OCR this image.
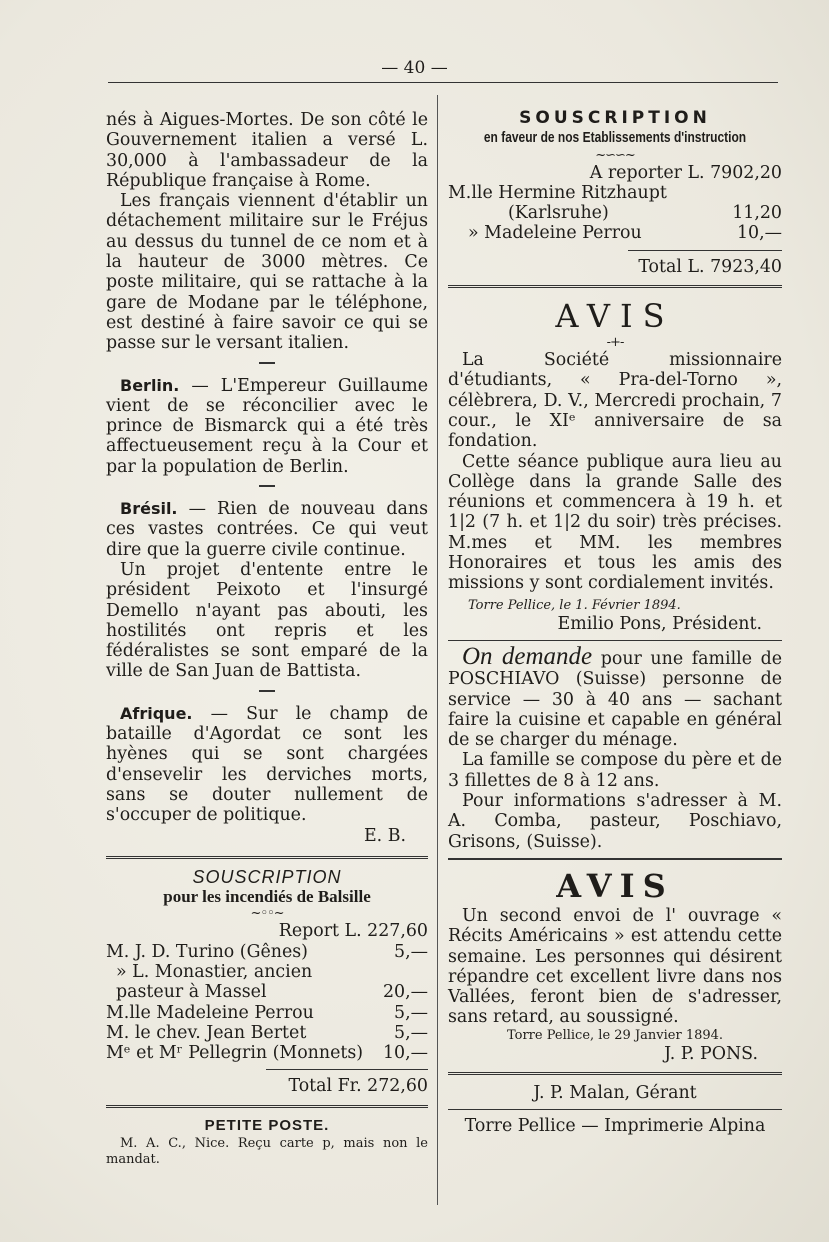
— 40 —

nés à Aigues-Mortes. De son côté le Gouvernement italien a versé L. 30,000 à l'ambassadeur de la République française à Rome.

Les français viennent d'établir un détachement militaire sur le Fréjus au dessus du tunnel de ce nom et à la hauteur de 3000 mètres. Ce poste militaire, qui se rattache à la gare de Modane par le téléphone, est destiné à faire savoir ce qui se passe sur le versant italien.

Berlin. — L'Empereur Guillaume vient de se réconcilier avec le prince de Bismarck qui a été très affectueusement reçu à la Cour et par la population de Berlin.

Brésil. — Rien de nouveau dans ces vastes contrées. Ce qui veut dire que la guerre civile continue.

Un projet d'entente entre le président Peixoto et l'insurgé Demello n'ayant pas abouti, les hostilités ont repris et les fédéralistes se sont emparé de la ville de San Juan de Battista.

Afrique. — Sur le champ de bataille d'Agordat ce sont les hyènes qui se sont chargées d'ensevelir les derviches morts, sans se douter nullement de s'occuper de politique.

E. B.

SOUSCRIPTION

pour les incendiés de Balsille

~◦◦~

Report L. 227,60

M. J. D. Turino (Gênes)	5,—
» L. Monastier, ancien pasteur à Massel	20,—
M.lle Madeleine Perrou	5,—
M. le chev. Jean Bertet	5,—
Mᵉ et Mʳ Pellegrin (Monnets)	10,—

Total Fr. 272,60

PETITE POSTE.

M. A. C., Nice. Reçu carte p, mais non le mandat.

SOUSCRIPTION

en faveur de nos Etablissements d'instruction

~∽∽~

A reporter L. 7902,20

M.lle Hermine Ritzhaupt
(Karlsruhe)	11,20
» Madeleine Perrou	10,—

Total L. 7923,40

AVIS

-+-

La Société missionnaire d'étudiants, « Pra-del-Torno », célèbrera, D. V., Mercredi prochain, 7 cour., le XIᵉ anniversaire de sa fondation.

Cette séance publique aura lieu au Collège dans la grande Salle des réunions et commencera à 19 h. et 1|2 (7 h. et 1|2 du soir) très précises. M.mes et MM. les membres Honoraires et tous les amis des missions y sont cordialement invités.

Torre Pellice, le 1. Février 1894.

Emilio Pons, Président.

On demande pour une famille de POSCHIAVO (Suisse) personne de service — 30 à 40 ans — sachant faire la cuisine et capable en général de se charger du ménage.

La famille se compose du père et de 3 fillettes de 8 à 12 ans.

Pour informations s'adresser à M. A. Comba, pasteur, Poschiavo, Grisons, (Suisse).

AVIS

Un second envoi de l' ouvrage « Récits Américains » est attendu cette semaine. Les personnes qui désirent répandre cet excellent livre dans nos Vallées, feront bien de s'adresser, sans retard, au soussigné.

Torre Pellice, le 29 Janvier 1894.

J. P. PONS.

J. P. Malan, Gérant

Torre Pellice — Imprimerie Alpina
